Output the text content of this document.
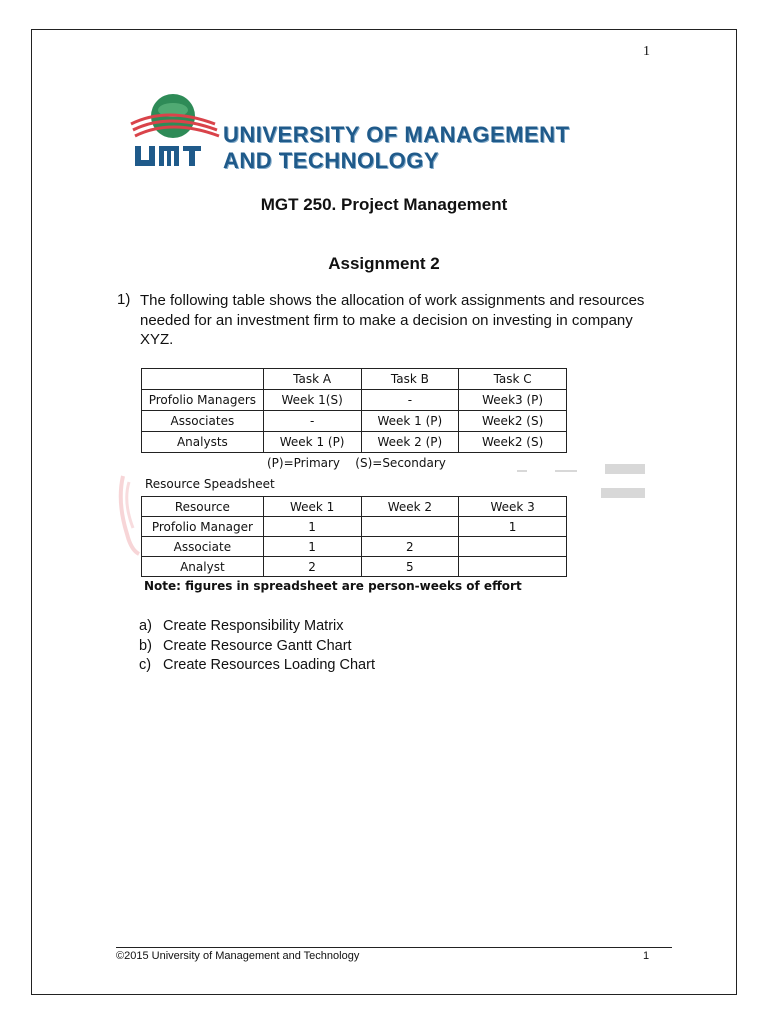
1
UNIVERSITY OF MANAGEMENT
AND TECHNOLOGY
MGT 250. Project Management
Assignment 2
1) The following table shows the allocation of work assignments and resources needed for an investment firm to make a decision on investing in company XYZ.
	Task A	Task B	Task C
Profolio Managers	Week 1(S)	-	Week3 (P)
Associates	-	Week 1 (P)	Week2 (S)
Analysts	Week 1 (P)	Week 2 (P)	Week2 (S)
(P)=Primary    (S)=Secondary
Resource Speadsheet
Resource	Week 1	Week 2	Week 3
Profolio Manager	1		1
Associate	1	2	
Analyst	2	5	
Note: figures in spreadsheet are person-weeks of effort
a) Create Responsibility Matrix
b) Create Resource Gantt Chart
c) Create Resources Loading Chart
©2015 University of Management and Technology	1
